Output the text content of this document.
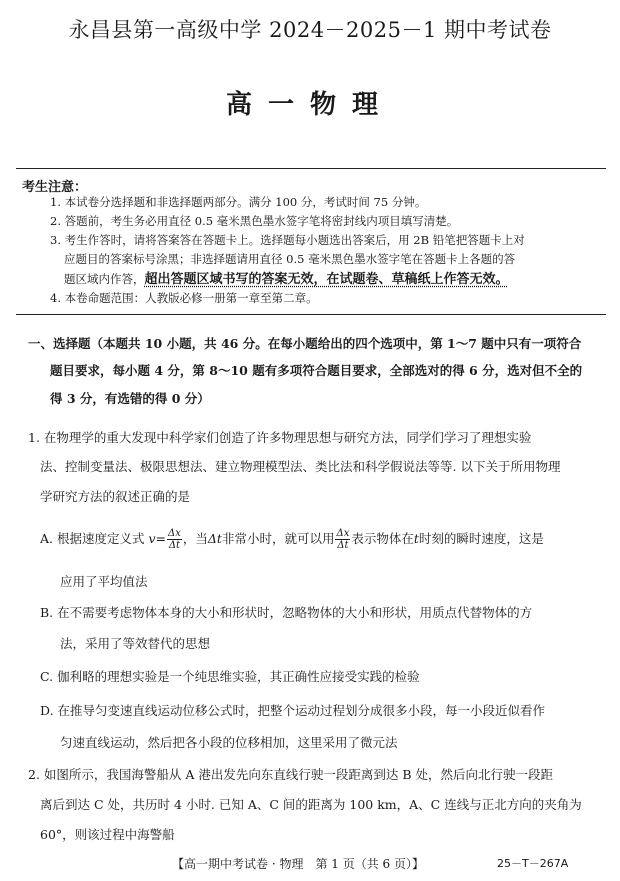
永昌县第一高级中学 2024－2025－1 期中考试卷
高一物理
考生注意：
1. 本试卷分选择题和非选择题两部分。满分 100 分，考试时间 75 分钟。
2. 答题前，考生务必用直径 0.5 毫米黑色墨水签字笔将密封线内项目填写清楚。
3. 考生作答时，请将答案答在答题卡上。选择题每小题选出答案后，用 2B 铅笔把答题卡上对
应题目的答案标号涂黑；非选择题请用直径 0.5 毫米黑色墨水签字笔在答题卡上各题的答
题区域内作答，超出答题区域书写的答案无效，在试题卷、草稿纸上作答无效。
4. 本卷命题范围：人教版必修一册第一章至第二章。
一、选择题（本题共 10 小题，共 46 分。在每小题给出的四个选项中，第 1～7 题中只有一项符合
题目要求，每小题 4 分，第 8～10 题有多项符合题目要求，全部选对的得 6 分，选对但不全的
得 3 分，有选错的得 0 分）
1. 在物理学的重大发现中科学家们创造了许多物理思想与研究方法，同学们学习了理想实验
法、控制变量法、极限思想法、建立物理模型法、类比法和科学假说法等等. 以下关于所用物理
学研究方法的叙述正确的是
A. 根据速度定义式 $v= \frac{\Delta x}{\Delta t}$ ，当Δt非常小时，就可以用 $\frac{\Delta x}{\Delta t}$ 表示物体在t时刻的瞬时速度，这是
应用了平均值法
B. 在不需要考虑物体本身的大小和形状时，忽略物体的大小和形状，用质点代替物体的方
法，采用了等效替代的思想
C. 伽利略的理想实验是一个纯思维实验，其正确性应接受实践的检验
D. 在推导匀变速直线运动位移公式时，把整个运动过程划分成很多小段，每一小段近似看作
匀速直线运动，然后把各小段的位移相加，这里采用了微元法
2. 如图所示，我国海警船从 A 港出发先向东直线行驶一段距离到达 B 处，然后向北行驶一段距
离后到达 C 处，共历时 4 小时. 已知 A、C 间的距离为 100 km，A、C 连线与正北方向的夹角为
60°，则该过程中海警船
【高一期中考试卷 · 物理　第 1 页（共 6 页）】	25－T－267A
